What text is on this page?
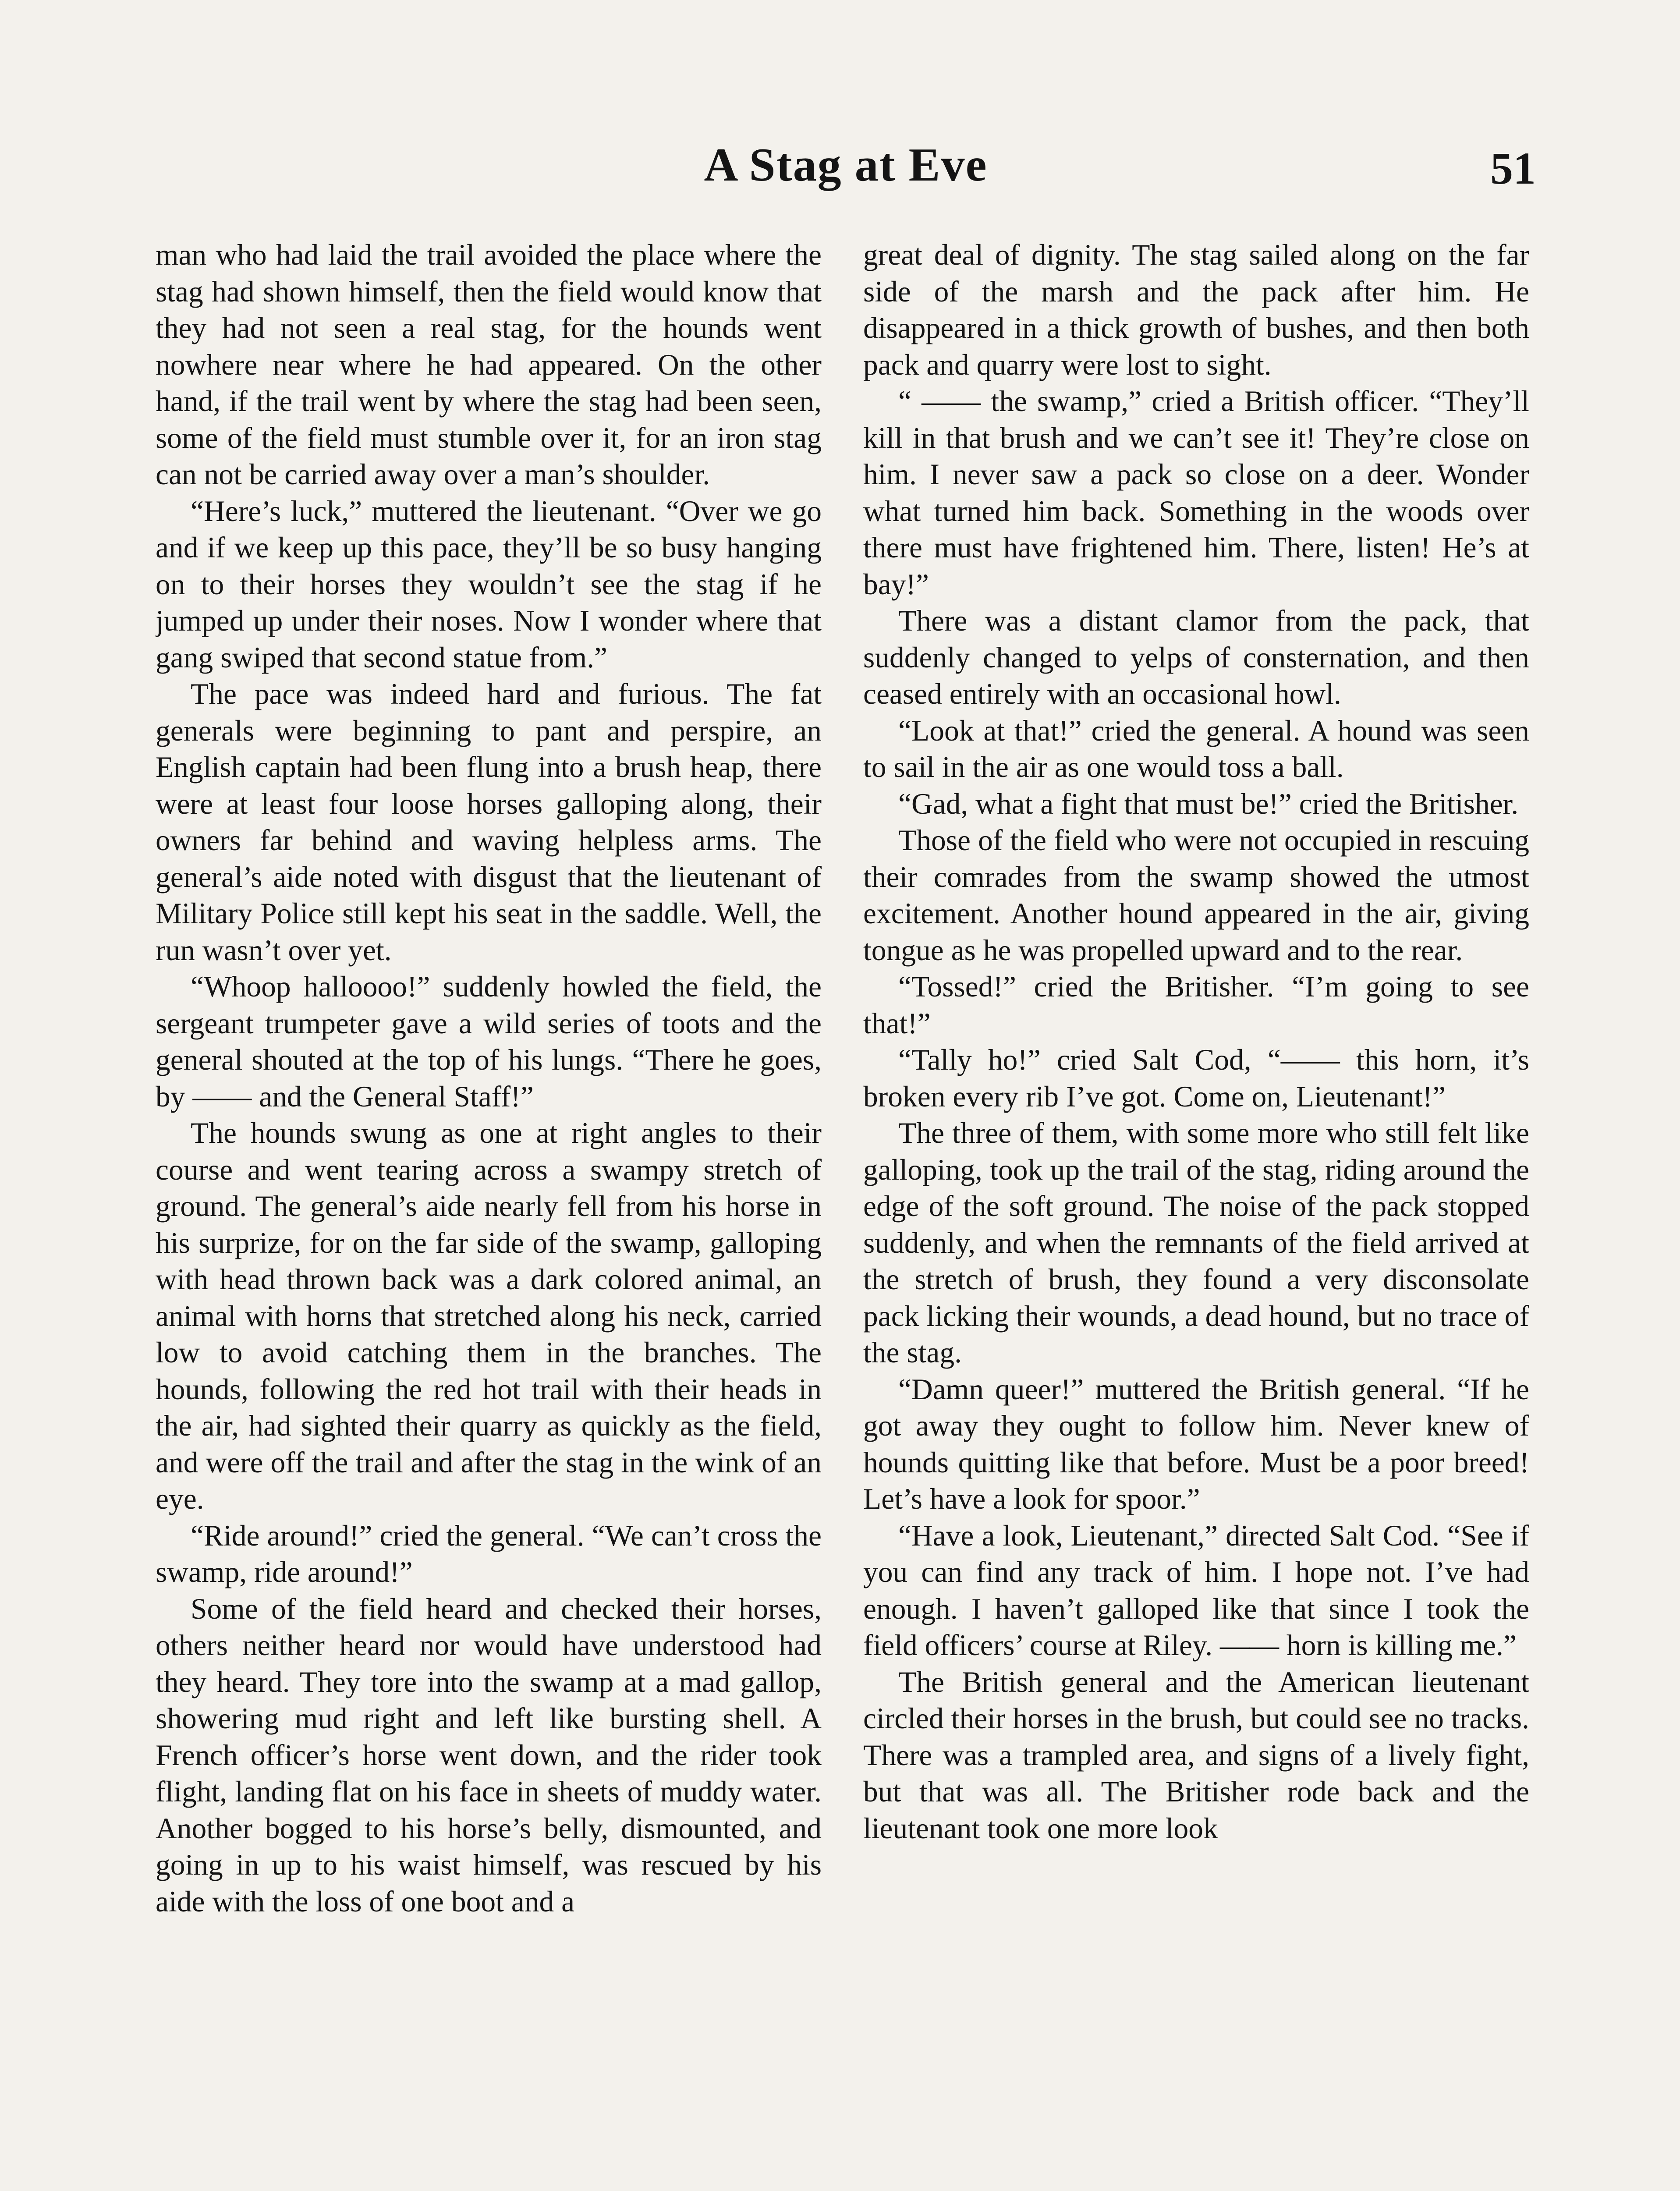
A Stag at Eve	51

man who had laid the trail avoided the place where the stag had shown himself, then the field would know that they had not seen a real stag, for the hounds went nowhere near where he had appeared. On the other hand, if the trail went by where the stag had been seen, some of the field must stumble over it, for an iron stag can not be carried away over a man’s shoulder.

“Here’s luck,” muttered the lieutenant. “Over we go and if we keep up this pace, they’ll be so busy hanging on to their horses they wouldn’t see the stag if he jumped up under their noses. Now I wonder where that gang swiped that second statue from.”

The pace was indeed hard and furious. The fat generals were beginning to pant and perspire, an English captain had been flung into a brush heap, there were at least four loose horses galloping along, their owners far behind and waving helpless arms. The general’s aide noted with disgust that the lieutenant of Military Police still kept his seat in the saddle. Well, the run wasn’t over yet.

“Whoop halloooo!” suddenly howled the field, the sergeant trumpeter gave a wild series of toots and the general shouted at the top of his lungs. “There he goes, by —— and the General Staff!”

The hounds swung as one at right angles to their course and went tearing across a swampy stretch of ground. The general’s aide nearly fell from his horse in his surprize, for on the far side of the swamp, galloping with head thrown back was a dark colored animal, an animal with horns that stretched along his neck, carried low to avoid catching them in the branches. The hounds, following the red hot trail with their heads in the air, had sighted their quarry as quickly as the field, and were off the trail and after the stag in the wink of an eye.

“Ride around!” cried the general. “We can’t cross the swamp, ride around!”

Some of the field heard and checked their horses, others neither heard nor would have understood had they heard. They tore into the swamp at a mad gallop, showering mud right and left like bursting shell. A French officer’s horse went down, and the rider took flight, landing flat on his face in sheets of muddy water. Another bogged to his horse’s belly, dismounted, and going in up to his waist himself, was rescued by his aide with the loss of one boot and a

great deal of dignity. The stag sailed along on the far side of the marsh and the pack after him. He disappeared in a thick growth of bushes, and then both pack and quarry were lost to sight.

“ —— the swamp,” cried a British officer. “They’ll kill in that brush and we can’t see it! They’re close on him. I never saw a pack so close on a deer. Wonder what turned him back. Something in the woods over there must have frightened him. There, listen! He’s at bay!”

There was a distant clamor from the pack, that suddenly changed to yelps of consternation, and then ceased entirely with an occasional howl.

“Look at that!” cried the general. A hound was seen to sail in the air as one would toss a ball.

“Gad, what a fight that must be!” cried the Britisher.

Those of the field who were not occupied in rescuing their comrades from the swamp showed the utmost excitement. Another hound appeared in the air, giving tongue as he was propelled upward and to the rear.

“Tossed!” cried the Britisher. “I’m going to see that!”

“Tally ho!” cried Salt Cod, “—— this horn, it’s broken every rib I’ve got. Come on, Lieutenant!”

The three of them, with some more who still felt like galloping, took up the trail of the stag, riding around the edge of the soft ground. The noise of the pack stopped suddenly, and when the remnants of the field arrived at the stretch of brush, they found a very disconsolate pack licking their wounds, a dead hound, but no trace of the stag.

“Damn queer!” muttered the British general. “If he got away they ought to follow him. Never knew of hounds quitting like that before. Must be a poor breed! Let’s have a look for spoor.”

“Have a look, Lieutenant,” directed Salt Cod. “See if you can find any track of him. I hope not. I’ve had enough. I haven’t galloped like that since I took the field officers’ course at Riley. —— horn is killing me.”

The British general and the American lieutenant circled their horses in the brush, but could see no tracks. There was a trampled area, and signs of a lively fight, but that was all. The Britisher rode back and the lieutenant took one more look
